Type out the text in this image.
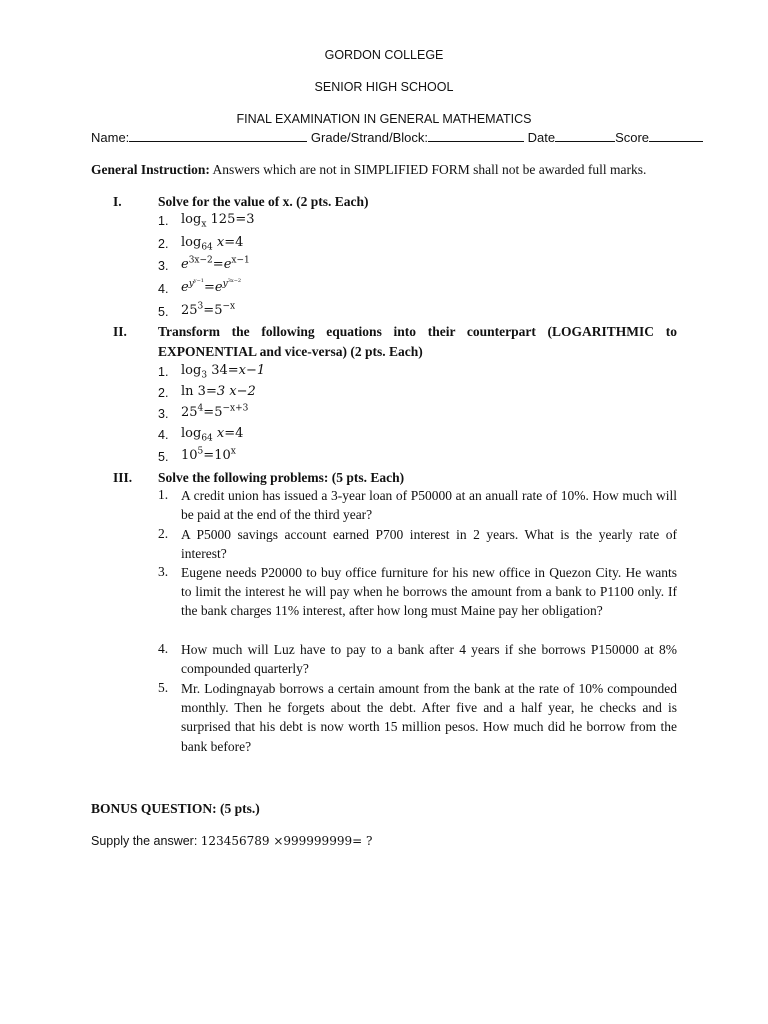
GORDON COLLEGE
SENIOR HIGH SCHOOL
FINAL EXAMINATION IN GENERAL MATHEMATICS
Name:	Grade/Strand/Block:	Date	Score
General Instruction: Answers which are not in SIMPLIFIED FORM shall not be awarded full marks.
I.	Solve for the value of x. (2 pts. Each)
1. $\log_x 125=3$
2. $\log_{64} x=4$
3. $e^{3x-2}=e^{x-1}$
4. $e^{y^{y-1}}=e^{y^{3x-2}}$
5. $25^3=5^{-x}$
II. Transform the following equations into their counterpart (LOGARITHMIC to
EXPONENTIAL and vice-versa) (2 pts. Each)
1. $\log_3 34=x-1$
2. ln 3=3 x−2
3. $25^4=5^{-x+3}$
4. $\log_{64} x=4$
5. $10^5=10^x$
III. Solve the following problems: (5 pts. Each)
1. A credit union has issued a 3-year loan of P50000 at an anuall rate of 10%. How much will be paid at the end of the third year?
2. A P5000 savings account earned P700 interest in 2 years. What is the yearly rate of interest?
3. Eugene needs P20000 to buy office furniture for his new office in Quezon City. He wants to limit the interest he will pay when he borrows the amount from a bank to P1100 only. If the bank charges 11% interest, after how long must Maine pay her obligation?
4. How much will Luz have to pay to a bank after 4 years if she borrows P150000 at 8% compounded quarterly?
5. Mr. Lodingnayab borrows a certain amount from the bank at the rate of 10% compounded monthly. Then he forgets about the debt. After five and a half year, he checks and is surprised that his debt is now worth 15 million pesos. How much did he borrow from the bank before?
BONUS QUESTION: (5 pts.)
Supply the answer: 123456789 ×999999999= ?
